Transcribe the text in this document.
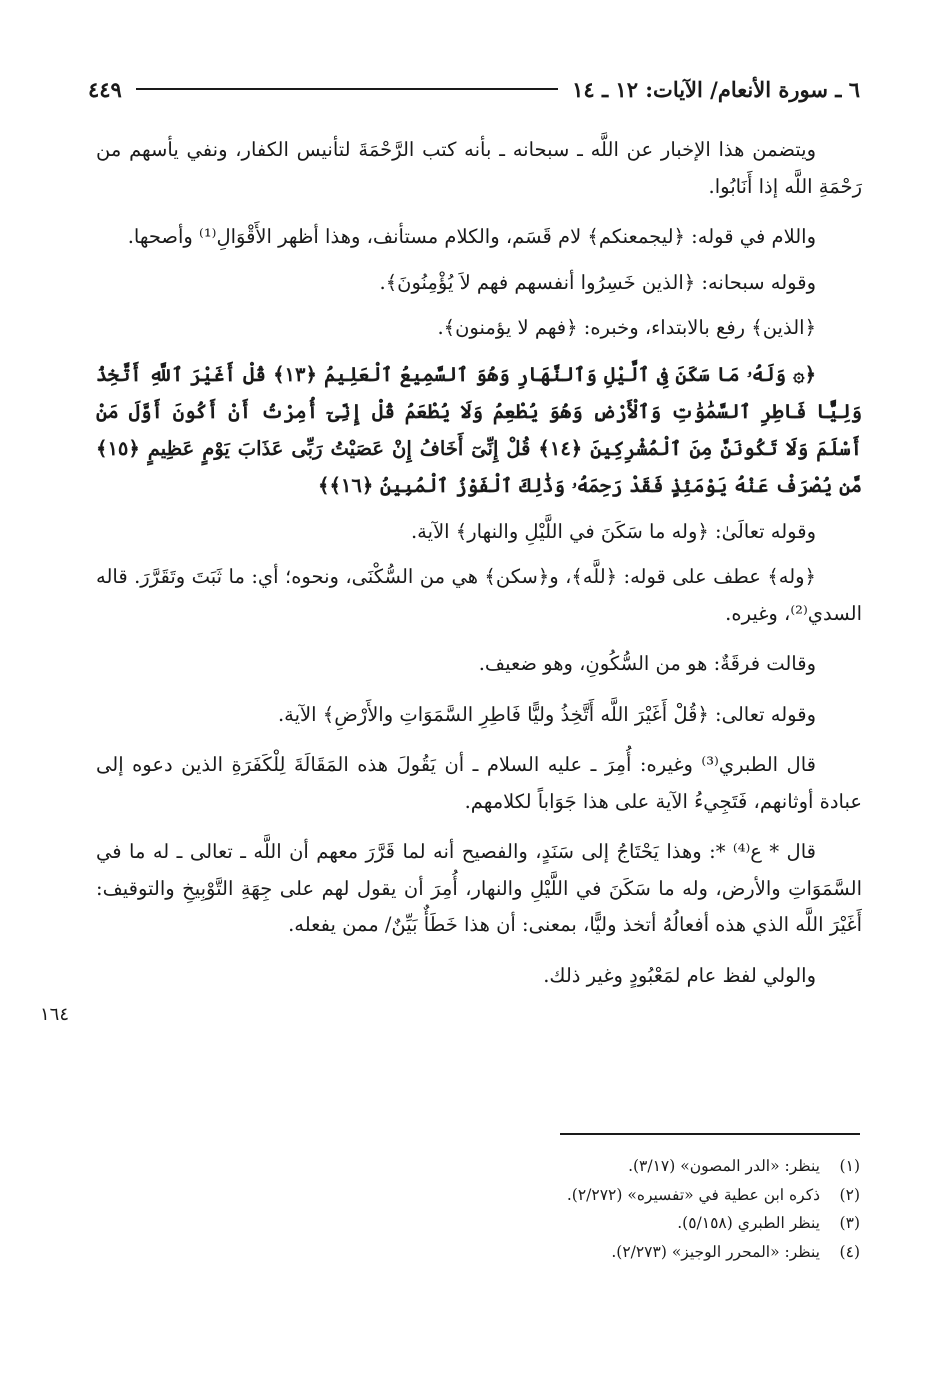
٦ ـ سورة الأنعام/ الآيات: ١٢ ـ ١٤
٤٤٩

ويتضمن هذا الإخبار عن اللَّه ـ سبحانه ـ بأنه كتب الرَّحْمَةَ لتأنيس الكفار، ونفي يأسهم من رَحْمَةِ اللَّه إذا أَنَابُوا.

واللام في قوله: ﴿ليجمعنكم﴾ لام قَسَم، والكلام مستأنف، وهذا أظهر الأَقْوَالِ⁽¹⁾ وأصحها.

وقوله سبحانه: ﴿الذين خَسِرُوا أنفسهم فهم لاَ يُؤْمِنُونَ﴾.

﴿الذين﴾ رفع بالابتداء، وخبره: ﴿فهم لا يؤمنون﴾.

﴿۞ وَلَهُۥ مَا سَكَنَ فِى ٱلَّيْلِ وَٱلنَّهَارِ وَهُوَ ٱلسَّمِيعُ ٱلْعَلِيمُ ﴿١٣﴾ قُلْ أَغَيْرَ ٱللَّهِ أَتَّخِذُ وَلِيًّا فَاطِرِ ٱلسَّمَٰوَٰتِ وَٱلْأَرْضِ وَهُوَ يُطْعِمُ وَلَا يُطْعَمُ قُلْ إِنِّىٓ أُمِرْتُ أَنْ أَكُونَ أَوَّلَ مَنْ أَسْلَمَ وَلَا تَكُونَنَّ مِنَ ٱلْمُشْرِكِينَ ﴿١٤﴾ قُلْ إِنِّىٓ أَخَافُ إِنْ عَصَيْتُ رَبِّى عَذَابَ يَوْمٍ عَظِيمٍ ﴿١٥﴾ مَّن يُصْرَفْ عَنْهُ يَوْمَئِذٍ فَقَدْ رَحِمَهُۥ وَذَٰلِكَ ٱلْفَوْزُ ٱلْمُبِينُ ﴿١٦﴾﴾

وقوله تعالَىٰ: ﴿وله ما سَكَنَ في اللَّيْلِ والنهار﴾ الآية.

﴿وله﴾ عطف على قوله: ﴿للَّه﴾، و﴿سكن﴾ هي من السُّكْنَى، ونحوه؛ أي: ما ثَبَتَ وتَقَرَّرَ. قاله السدي⁽²⁾، وغيره.

وقالت فرقَةٌ: هو من السُّكُونِ، وهو ضعيف.

وقوله تعالى: ﴿قُلْ أَغَيْرَ اللَّه أَتَّخِذُ وليًّا فَاطِرِ السَّمَوَاتِ والأَرْضِ﴾ الآية.

قال الطبري⁽³⁾ وغيره: أُمِرَ ـ عليه السلام ـ أن يَقُولَ هذه المَقَالَةَ لِلْكَفَرَةِ الذين دعوه إلى عبادة أوثانهم، فَتَجِيءُ الآية على هذا جَوَاباً لكلامهم.

قال * ع⁽⁴⁾ *: وهذا يَحْتَاجُ إلى سَنَدٍ، والفصيح أنه لما قَرَّرَ معهم أن اللَّه ـ تعالى ـ له ما في السَّمَوَاتِ والأرض، وله ما سَكَنَ في اللَّيْلِ والنهار، أُمِرَ أن يقول لهم على جِهَةِ التَّوْبِيخِ والتوقيف: أَغَيْرَ اللَّه الذي هذه أفعالُهُ أتخذ وليًّا، بمعنى: أن هذا خَطَأٌ بَيِّنٌ/ ممن يفعله.

والولي لفظ عام لمَعْبُودٍ وغير ذلك.

١٦٤
(١)
ينظر: «الدر المصون» (٣/١٧).
(٢)
ذكره ابن عطية في «تفسيره» (٢/٢٧٢).
(٣)
ينظر الطبري (٥/١٥٨).
(٤)
ينظر: «المحرر الوجيز» (٢/٢٧٣).
